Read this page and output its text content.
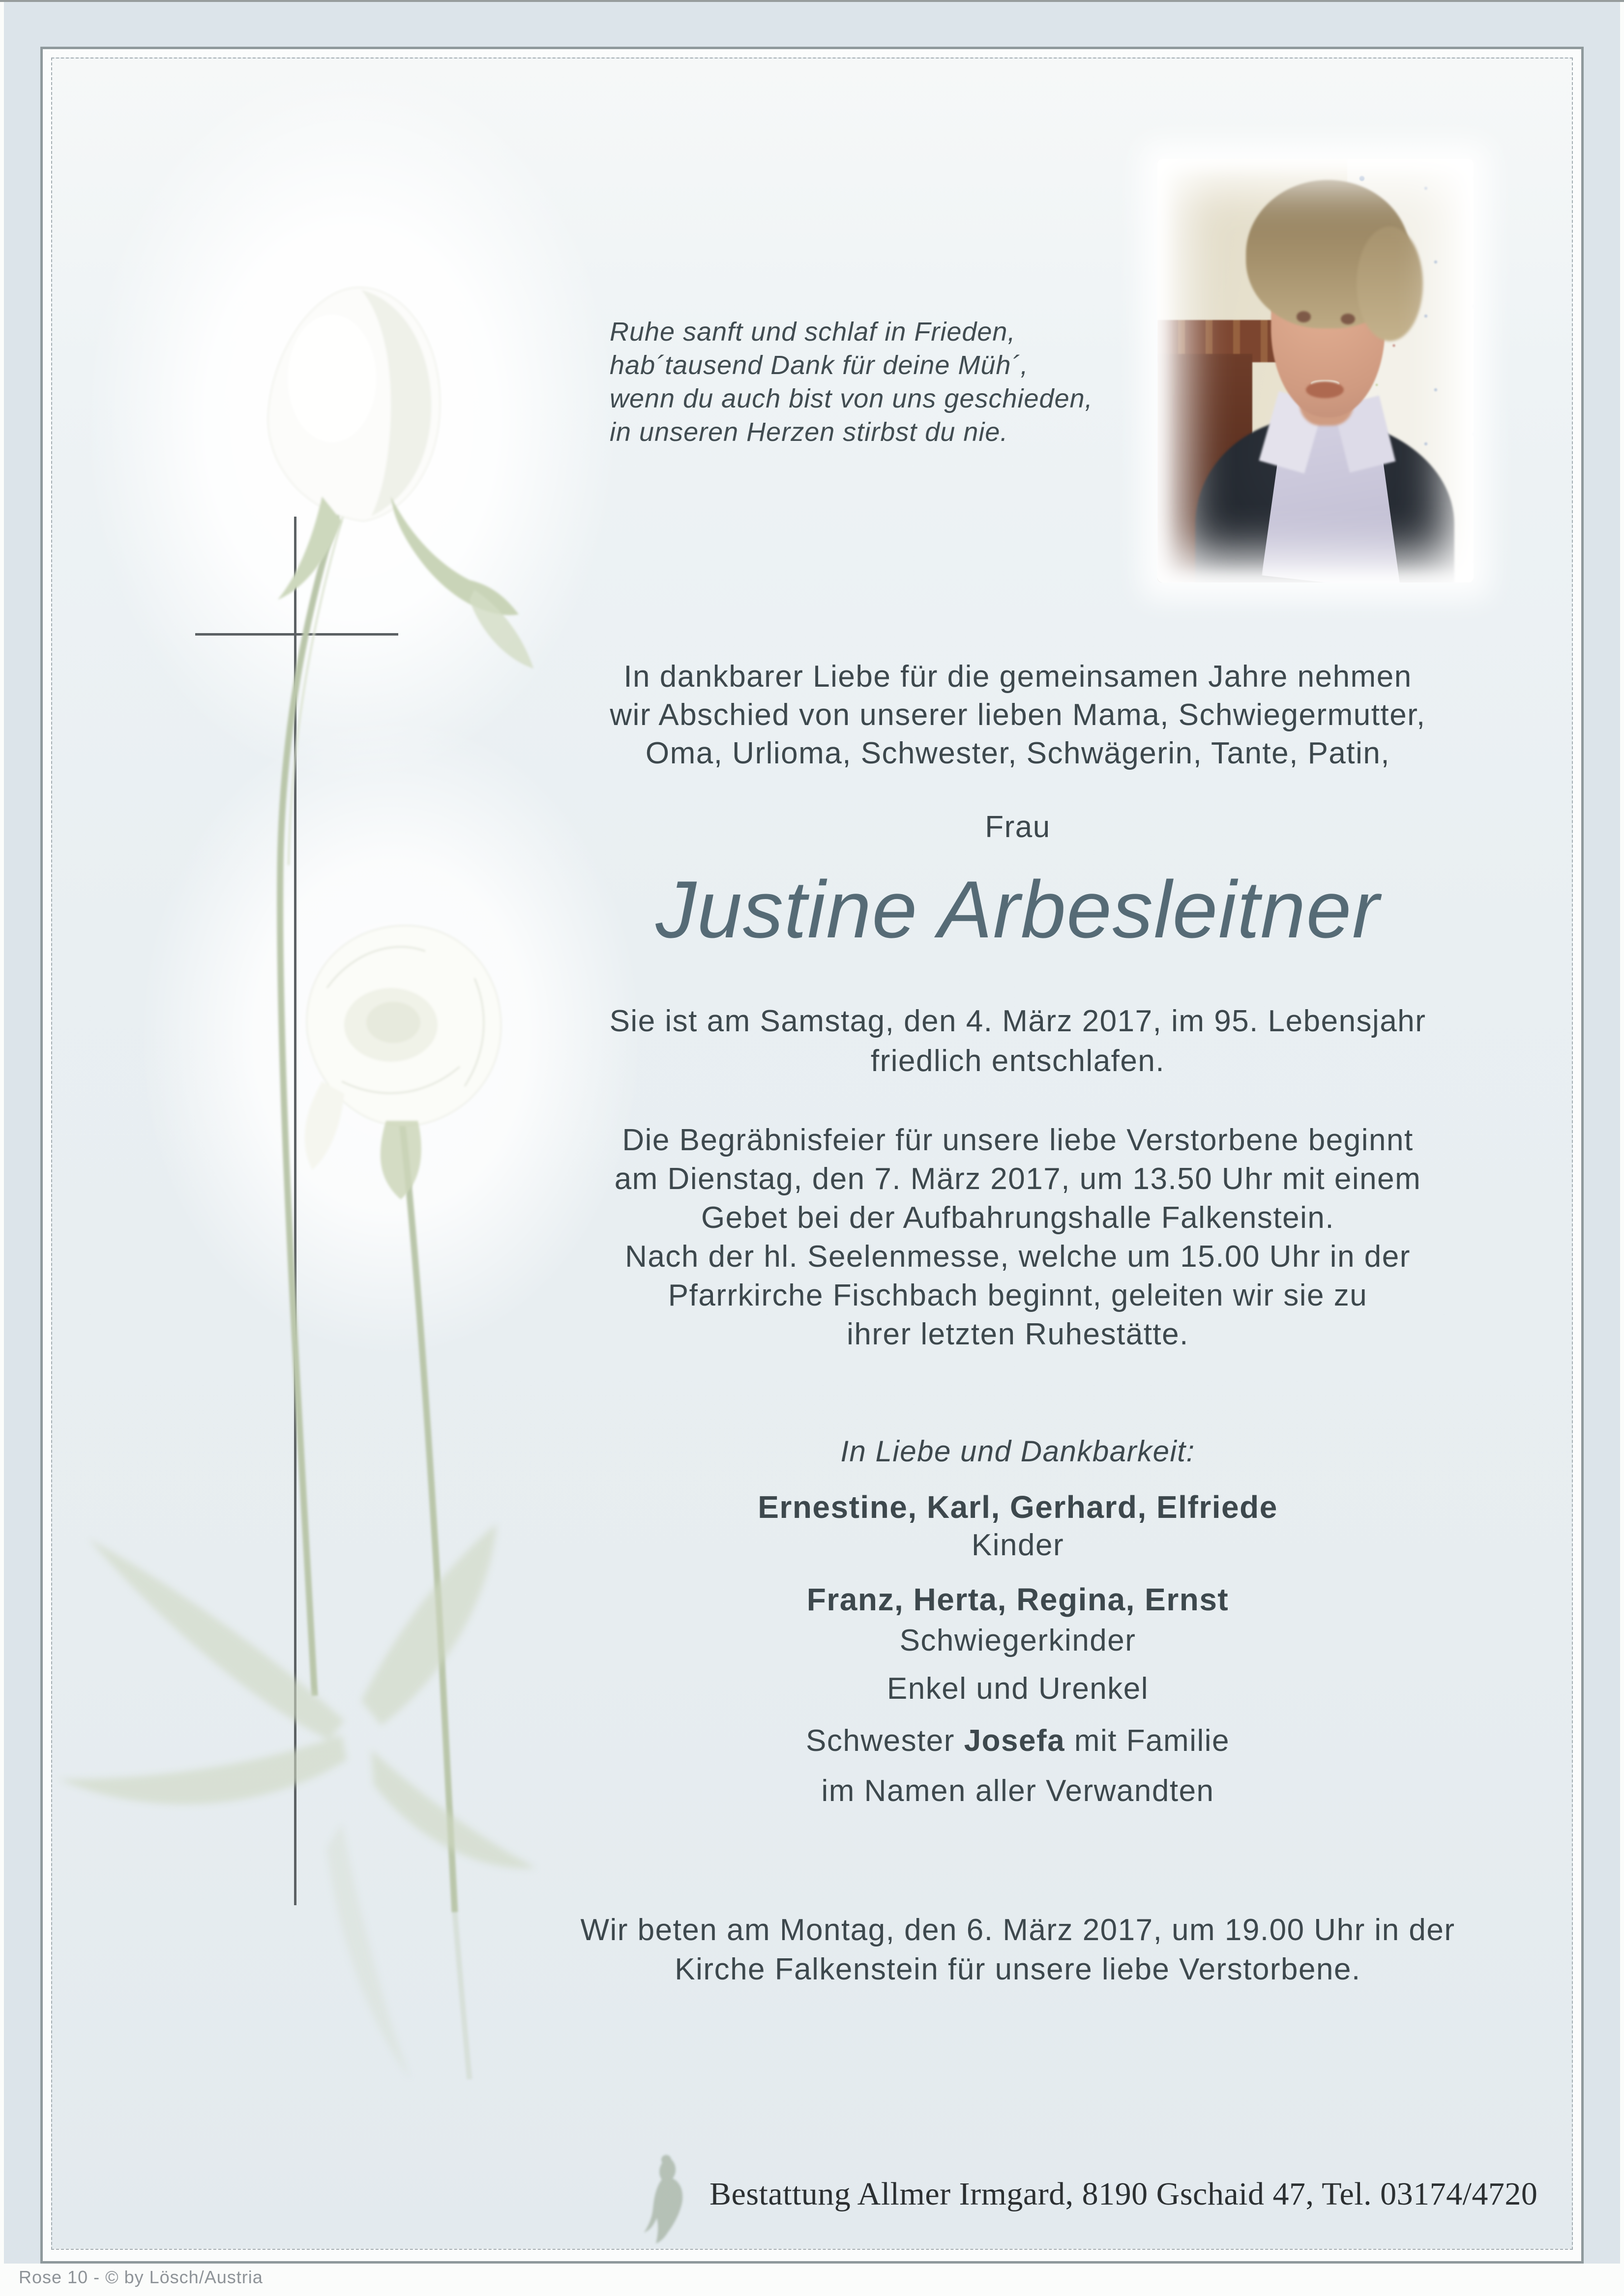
Ruhe sanft und schlaf in Frieden,
hab´tausend Dank für deine Müh´,
wenn du auch bist von uns geschieden,
in unseren Herzen stirbst du nie.
In dankbarer Liebe für die gemeinsamen Jahre nehmen
wir Abschied von unserer lieben Mama, Schwiegermutter,
Oma, Urlioma, Schwester, Schwägerin, Tante, Patin,
Frau
Justine Arbesleitner
Sie ist am Samstag, den 4. März 2017, im 95. Lebensjahr
friedlich entschlafen.
Die Begräbnisfeier für unsere liebe Verstorbene beginnt
am Dienstag, den 7. März 2017, um 13.50 Uhr mit einem
Gebet bei der Aufbahrungshalle Falkenstein.
Nach der hl. Seelenmesse, welche um 15.00 Uhr in der
Pfarrkirche Fischbach beginnt, geleiten wir sie zu
ihrer letzten Ruhestätte.
In Liebe und Dankbarkeit:
Ernestine, Karl, Gerhard, Elfriede
Kinder
Franz, Herta, Regina, Ernst
Schwiegerkinder
Enkel und Urenkel
Schwester Josefa mit Familie
im Namen aller Verwandten
Wir beten am Montag, den 6. März 2017, um 19.00 Uhr in der
Kirche Falkenstein für unsere liebe Verstorbene.
Bestattung Allmer Irmgard, 8190 Gschaid 47, Tel. 03174/4720
Rose 10 - © by Lösch/Austria
